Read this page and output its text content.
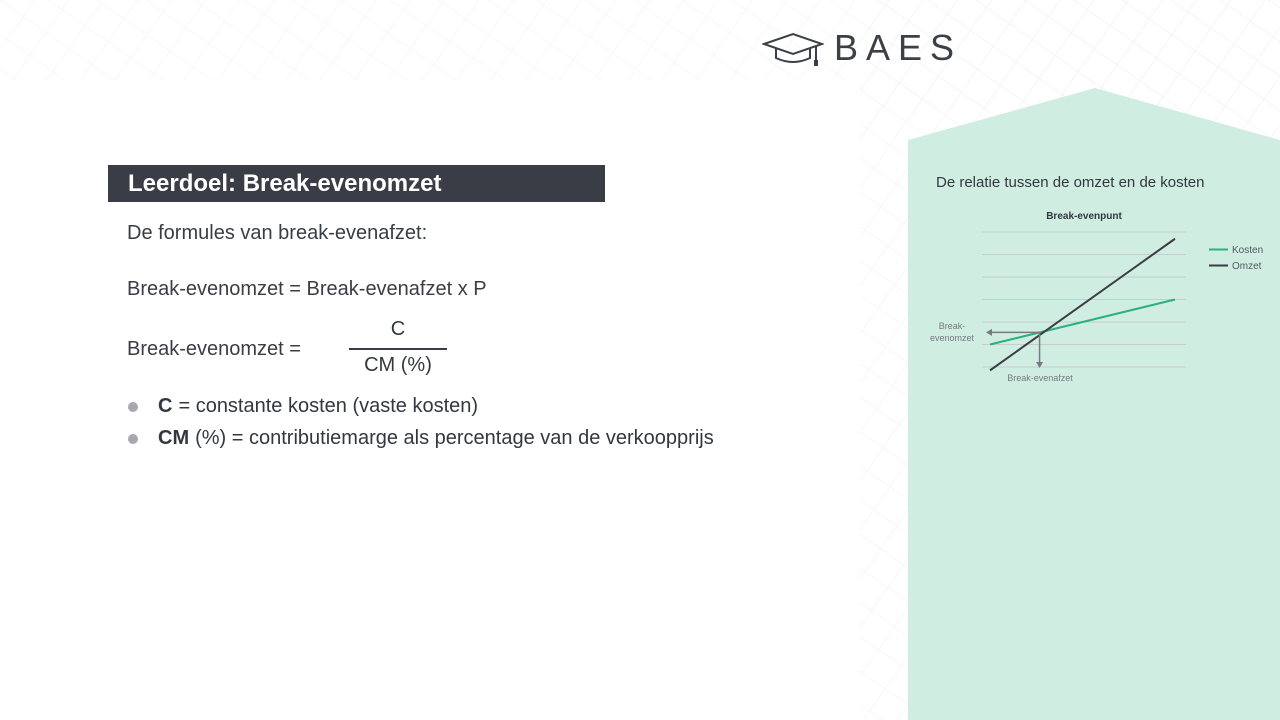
BAES
Leerdoel: Break-evenomzet
De formules van break-evenafzet:
Break-evenomzet = Break-evenafzet x P
Break-evenomzet =
C
CM (%)
C = constante kosten (vaste kosten)
CM (%) = contributiemarge als percentage van de verkoopprijs
De relatie tussen de omzet en de kosten
Break-evenpunt
Break-evenafzet
Break-
evenomzet
Kosten
Omzet
